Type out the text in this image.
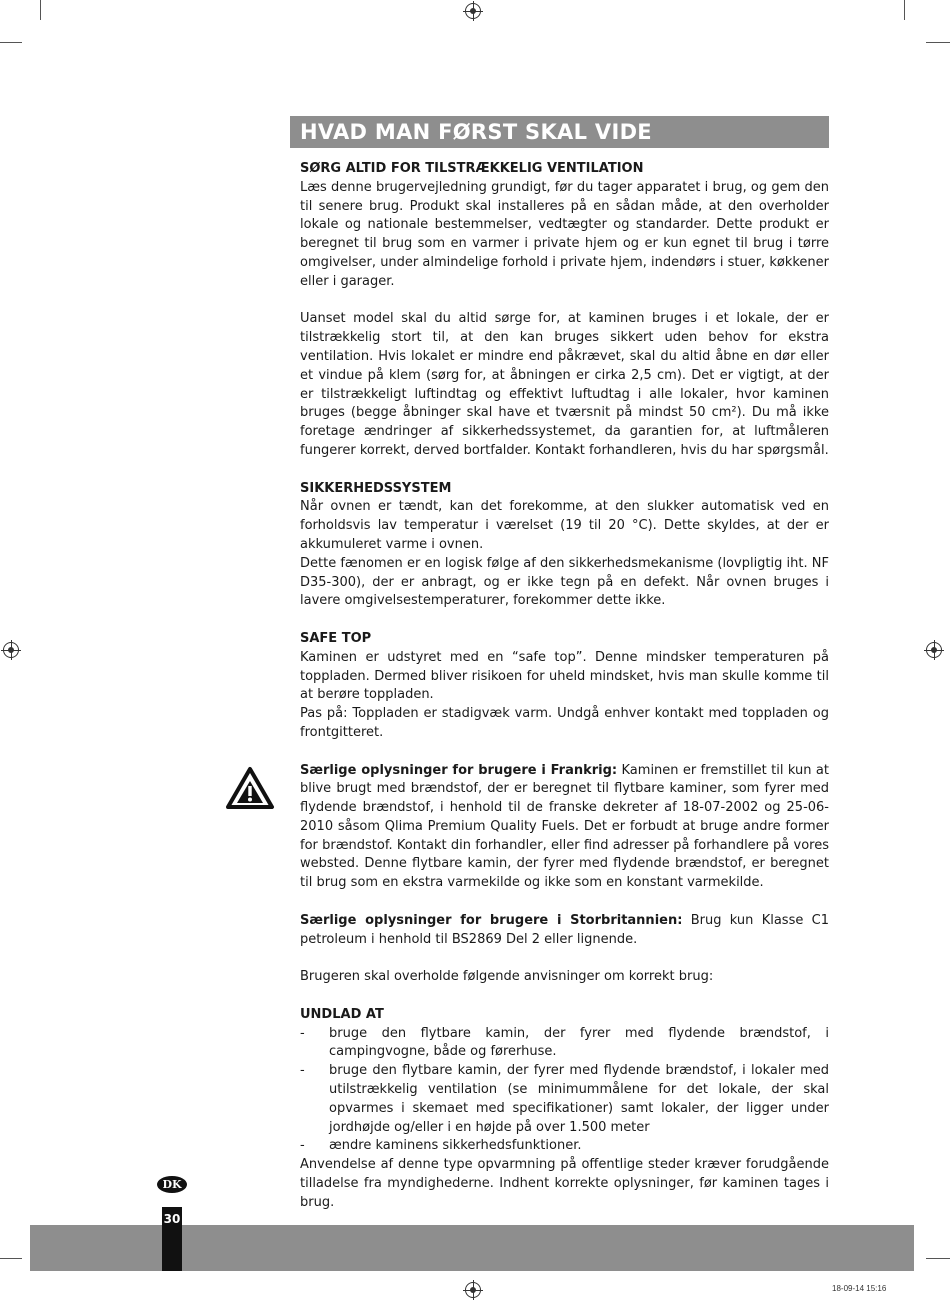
HVAD MAN FØRST SKAL VIDE
SØRG ALTID FOR TILSTRÆKKELIG VENTILATION

Læs denne brugervejledning grundigt, før du tager apparatet i brug, og gem den til senere brug. Produkt skal installeres på en sådan måde, at den overholder lokale og nationale bestemmelser, vedtægter og standarder. Dette produkt er beregnet til brug som en varmer i private hjem og er kun egnet til brug i tørre omgivelser, under almindelige forhold i private hjem, indendørs i stuer, køkkener eller i garager.

Uanset model skal du altid sørge for, at kaminen bruges i et lokale, der er tilstrækkelig stort til, at den kan bruges sikkert uden behov for ekstra ventilation. Hvis lokalet er mindre end påkrævet, skal du altid åbne en dør eller et vindue på klem (sørg for, at åbningen er cirka 2,5 cm). Det er vigtigt, at der er tilstrækkeligt luftindtag og effektivt luftudtag i alle lokaler, hvor kaminen bruges (begge åbninger skal have et tværsnit på mindst 50 cm²). Du må ikke foretage ændringer af sikkerhedssystemet, da garantien for, at luftmåleren fungerer korrekt, derved bortfalder. Kontakt forhandleren, hvis du har spørgsmål.

SIKKERHEDSSYSTEM

Når ovnen er tændt, kan det forekomme, at den slukker automatisk ved en forholdsvis lav temperatur i værelset (19 til 20 °C). Dette skyldes, at der er akkumuleret varme i ovnen.

Dette fænomen er en logisk følge af den sikkerhedsmekanisme (lovpligtig iht. NF D35-300), der er anbragt, og er ikke tegn på en defekt. Når ovnen bruges i lavere omgivelsestemperaturer, forekommer dette ikke.

SAFE TOP

Kaminen er udstyret med en “safe top”. Denne mindsker temperaturen på toppladen. Dermed bliver risikoen for uheld mindsket, hvis man skulle komme til at berøre toppladen.

Pas på: Toppladen er stadigvæk varm. Undgå enhver kontakt med toppladen og frontgitteret.

Særlige oplysninger for brugere i Frankrig: Kaminen er fremstillet til kun at blive brugt med brændstof, der er beregnet til flytbare kaminer, som fyrer med flydende brændstof, i henhold til de franske dekreter af 18-07-2002 og 25-06-2010 såsom Qlima Premium Quality Fuels. Det er forbudt at bruge andre former for brændstof. Kontakt din forhandler, eller find adresser på forhandlere på vores websted. Denne flytbare kamin, der fyrer med flydende brændstof, er beregnet til brug som en ekstra varmekilde og ikke som en konstant varmekilde.

Særlige oplysninger for brugere i Storbritannien: Brug kun Klasse C1 petroleum i henhold til BS2869 Del 2 eller lignende.

Brugeren skal overholde følgende anvisninger om korrekt brug:

UNDLAD AT
- bruge den flytbare kamin, der fyrer med flydende brændstof, i campingvogne, både og førerhuse.
- bruge den flytbare kamin, der fyrer med flydende brændstof, i lokaler med utilstrækkelig ventilation (se minimummålene for det lokale, der skal opvarmes i skemaet med specifikationer) samt lokaler, der ligger under jordhøjde og/eller i en højde på over 1.500 meter
- ændre kaminens sikkerhedsfunktioner.

Anvendelse af denne type opvarmning på offentlige steder kræver forudgående tilladelse fra myndighederne. Indhent korrekte oplysninger, før kaminen tages i brug.

30
DK
18-09-14 15:16
